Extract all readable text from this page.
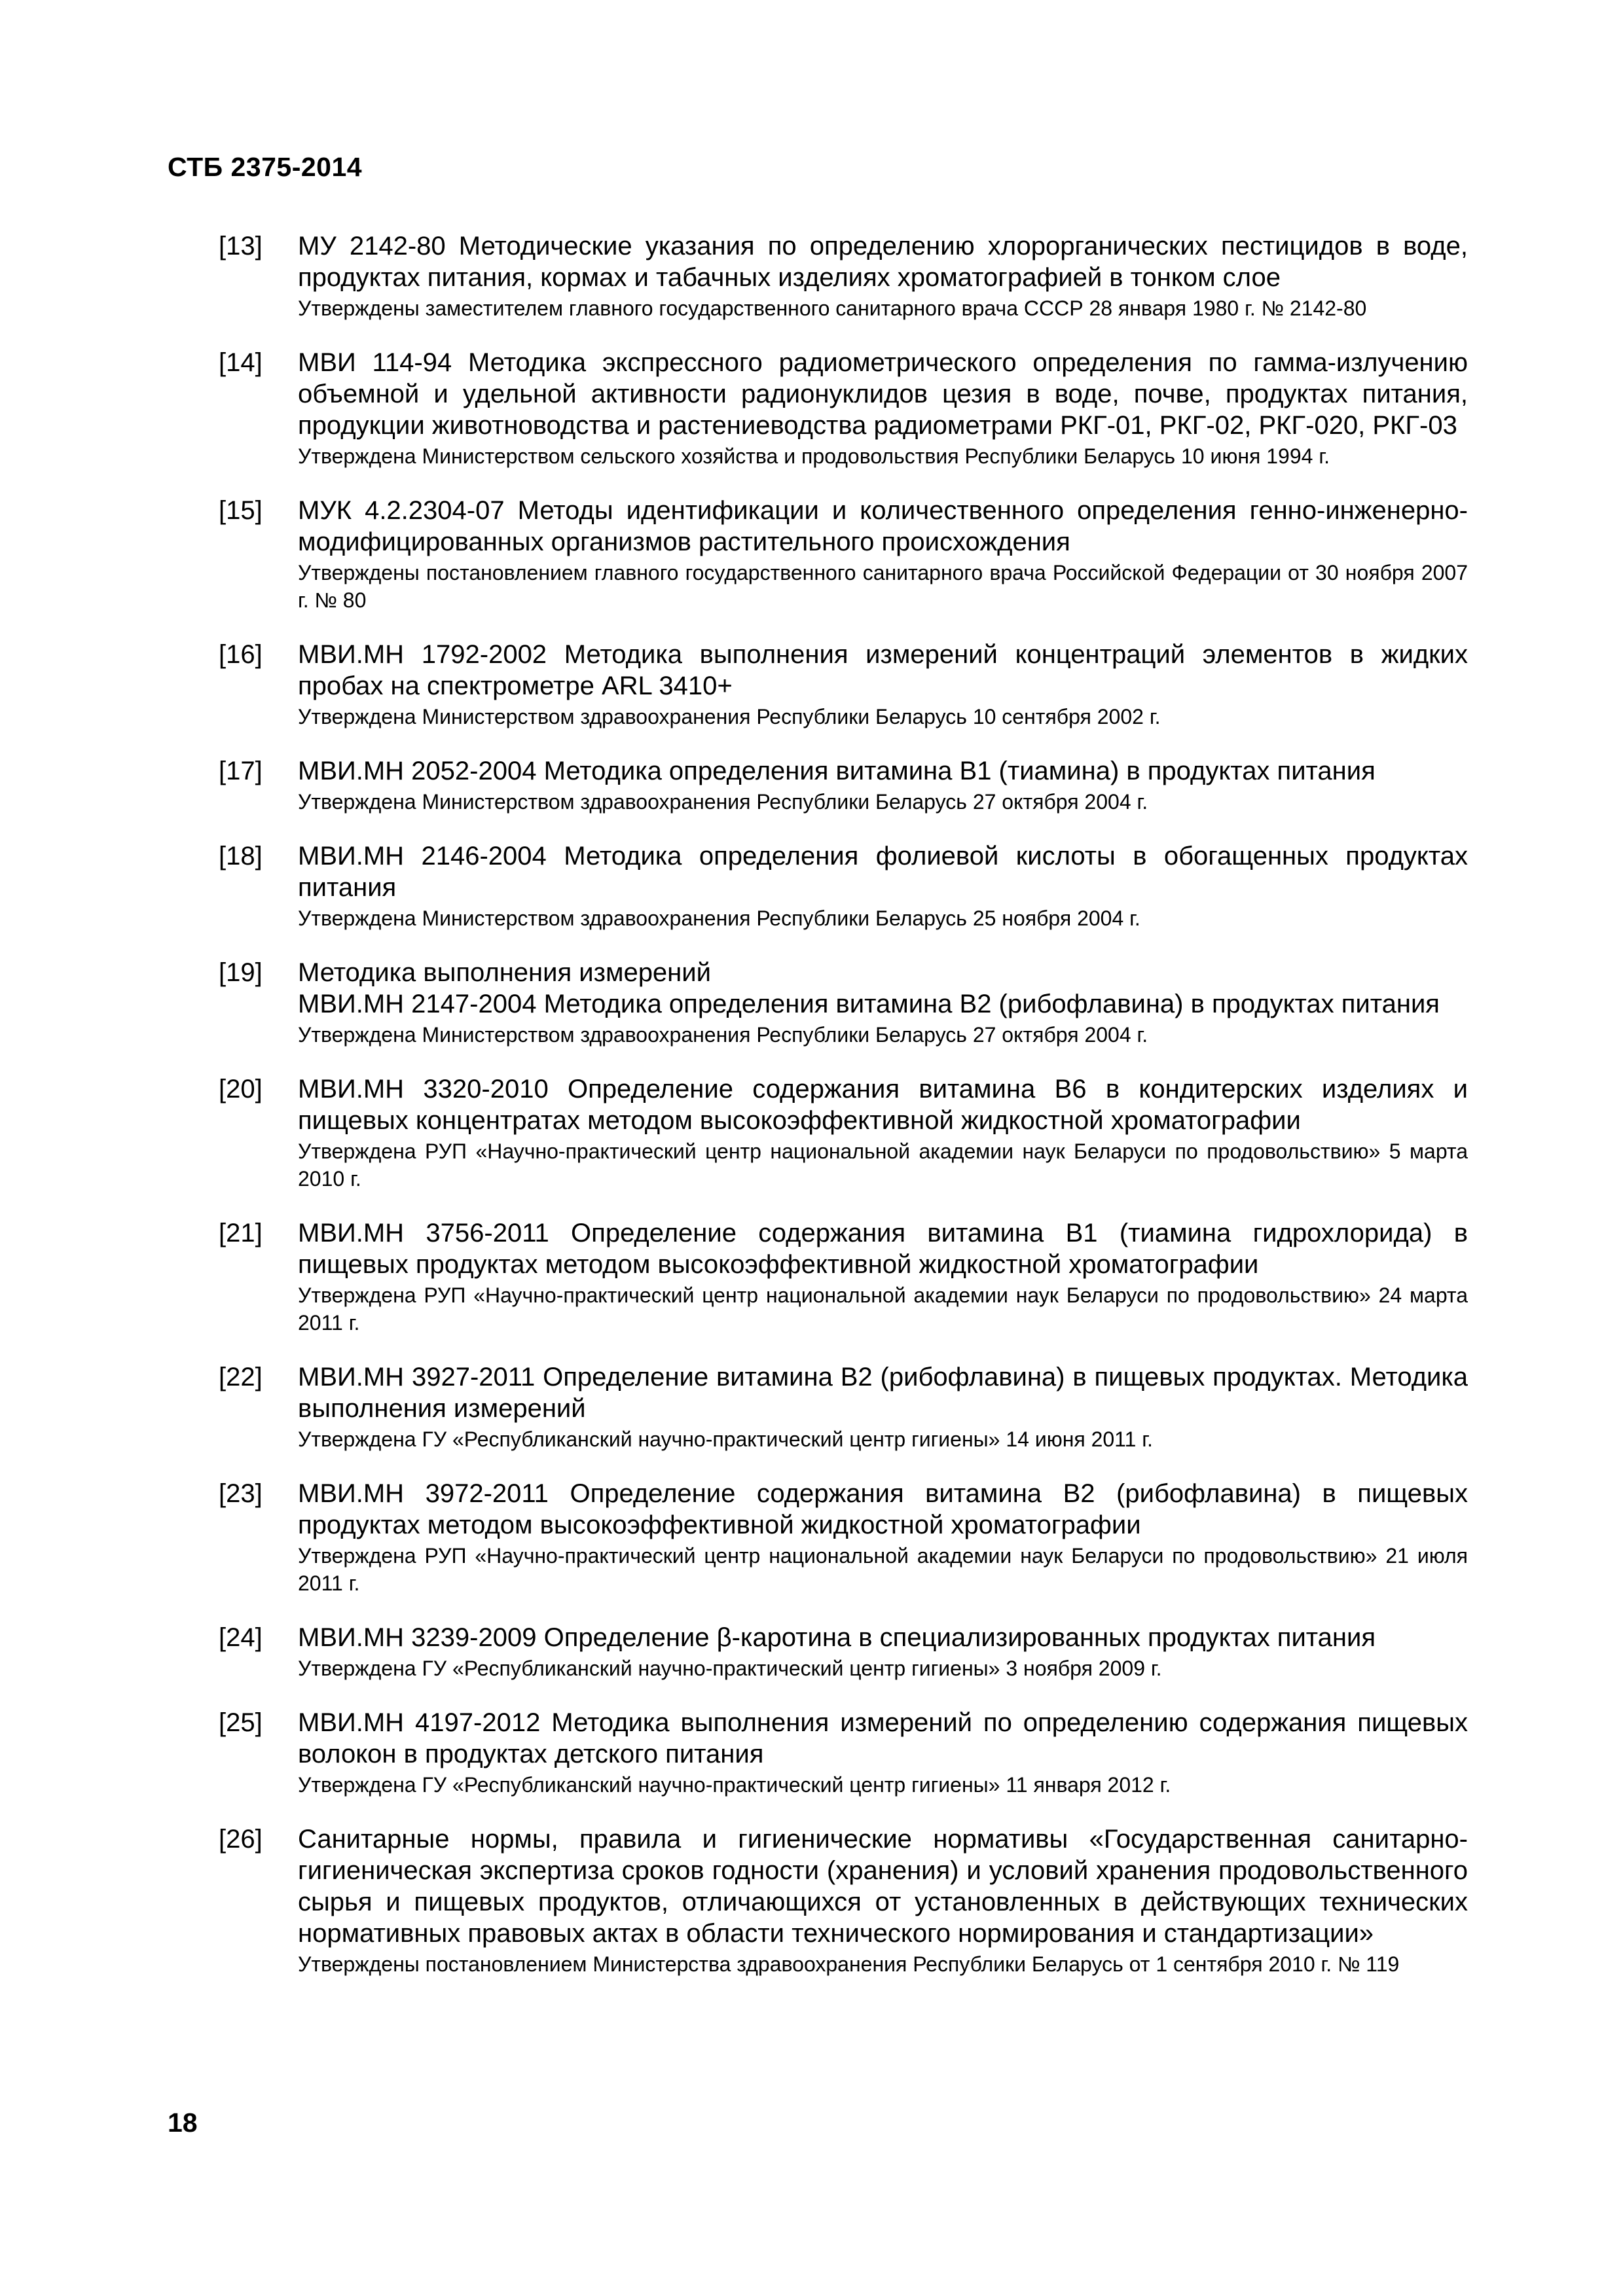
СТБ 2375-2014
[13] МУ 2142-80 Методические указания по определению хлорорганических пестицидов в воде, продуктах питания, кормах и табачных изделиях хроматографией в тонком слое
Утверждены заместителем главного государственного санитарного врача СССР 28 января 1980 г. № 2142-80
[14] МВИ 114-94 Методика экспрессного радиометрического определения по гамма-излучению объемной и удельной активности радионуклидов цезия в воде, почве, продуктах питания, продукции животноводства и растениеводства радиометрами РКГ-01, РКГ-02, РКГ-020, РКГ-03
Утверждена Министерством сельского хозяйства и продовольствия Республики Беларусь 10 июня 1994 г.
[15] МУК 4.2.2304-07 Методы идентификации и количественного определения генно-инженерно-модифицированных организмов растительного происхождения
Утверждены постановлением главного государственного санитарного врача Российской Федерации от 30 ноября 2007 г. № 80
[16] МВИ.МН 1792-2002 Методика выполнения измерений концентраций элементов в жидких пробах на спектрометре ARL 3410+
Утверждена Министерством здравоохранения Республики Беларусь 10 сентября 2002 г.
[17] МВИ.МН 2052-2004 Методика определения витамина В1 (тиамина) в продуктах питания
Утверждена Министерством здравоохранения Республики Беларусь 27 октября 2004 г.
[18] МВИ.МН 2146-2004 Методика определения фолиевой кислоты в обогащенных продуктах питания
Утверждена Министерством здравоохранения Республики Беларусь 25 ноября 2004 г.
[19] Методика выполнения измерений
МВИ.МН 2147-2004 Методика определения витамина В2 (рибофлавина) в продуктах питания
Утверждена Министерством здравоохранения Республики Беларусь 27 октября 2004 г.
[20] МВИ.МН 3320-2010 Определение содержания витамина В6 в кондитерских изделиях и пищевых концентратах методом высокоэффективной жидкостной хроматографии
Утверждена РУП «Научно-практический центр национальной академии наук Беларуси по продовольствию» 5 марта 2010 г.
[21] МВИ.МН 3756-2011 Определение содержания витамина В1 (тиамина гидрохлорида) в пищевых продуктах методом высокоэффективной жидкостной хроматографии
Утверждена РУП «Научно-практический центр национальной академии наук Беларуси по продовольствию» 24 марта 2011 г.
[22] МВИ.МН 3927-2011 Определение витамина В2 (рибофлавина) в пищевых продуктах. Методика выполнения измерений
Утверждена ГУ «Республиканский научно-практический центр гигиены» 14 июня 2011 г.
[23] МВИ.МН 3972-2011 Определение содержания витамина В2 (рибофлавина) в пищевых продуктах методом высокоэффективной жидкостной хроматографии
Утверждена РУП «Научно-практический центр национальной академии наук Беларуси по продовольствию» 21 июля 2011 г.
[24] МВИ.МН 3239-2009 Определение β-каротина в специализированных продуктах питания
Утверждена ГУ «Республиканский научно-практический центр гигиены» 3 ноября 2009 г.
[25] МВИ.МН 4197-2012 Методика выполнения измерений по определению содержания пищевых волокон в продуктах детского питания
Утверждена ГУ «Республиканский научно-практический центр гигиены» 11 января 2012 г.
[26] Санитарные нормы, правила и гигиенические нормативы «Государственная санитарно-гигиеническая экспертиза сроков годности (хранения) и условий хранения продовольственного сырья и пищевых продуктов, отличающихся от установленных в действующих технических нормативных правовых актах в области технического нормирования и стандартизации»
Утверждены постановлением Министерства здравоохранения Республики Беларусь от 1 сентября 2010 г. № 119
18
